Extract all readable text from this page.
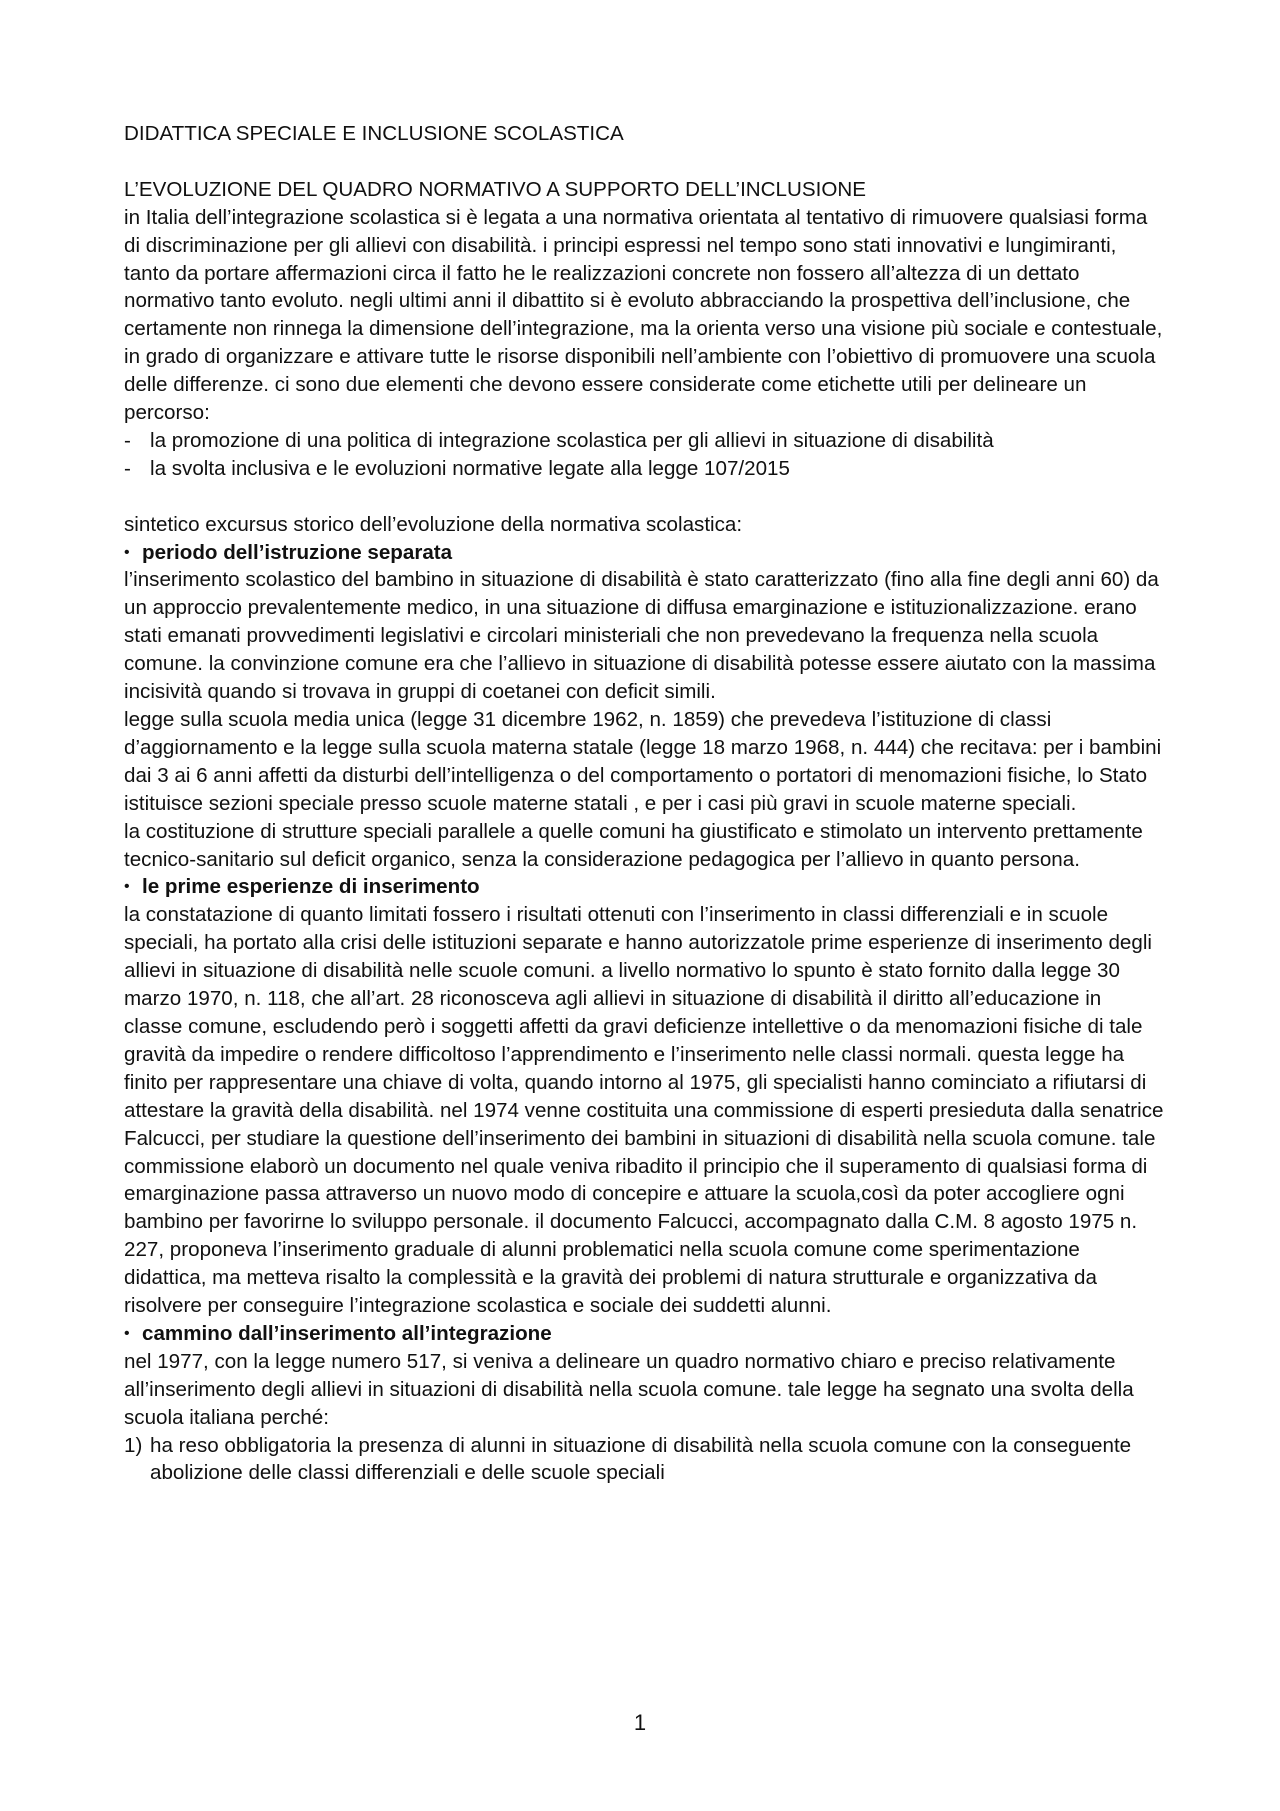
DIDATTICA SPECIALE E INCLUSIONE SCOLASTICA
L’EVOLUZIONE DEL QUADRO NORMATIVO A SUPPORTO DELL’INCLUSIONE

in Italia dell’integrazione scolastica si è legata a una normativa orientata al tentativo di rimuovere qualsiasi forma di discriminazione per gli allievi con disabilità. i principi espressi nel tempo sono stati innovativi e lungimiranti, tanto da portare affermazioni circa il fatto he le realizzazioni concrete non fossero all’altezza di un dettato normativo tanto evoluto. negli ultimi anni il dibattito si è evoluto abbracciando la prospettiva dell’inclusione, che certamente non rinnega la dimensione dell’integrazione, ma la orienta verso una visione più sociale e contestuale, in grado di organizzare e attivare tutte le risorse disponibili nell’ambiente con l’obiettivo di promuovere una scuola delle differenze. ci sono due elementi che devono essere considerate come etichette utili per delineare un percorso:

- la promozione di una politica di integrazione scolastica per gli allievi in situazione di disabilità
- la svolta inclusiva e le evoluzioni normative legate alla legge 107/2015

sintetico excursus storico dell’evoluzione della normativa scolastica:

• periodo dell’istruzione separata

l’inserimento scolastico del bambino in situazione di disabilità è stato caratterizzato (fino alla fine degli anni 60) da un approccio prevalentemente medico, in una situazione di diffusa emarginazione e istituzionalizzazione. erano stati emanati provvedimenti legislativi e circolari ministeriali che non prevedevano la frequenza nella scuola comune. la convinzione comune era che l’allievo in situazione di disabilità potesse essere aiutato con la massima incisività quando si trovava in gruppi di coetanei con deficit simili.

legge sulla scuola media unica (legge 31 dicembre 1962, n. 1859) che prevedeva l’istituzione di classi d’aggiornamento e la legge sulla scuola materna statale (legge 18 marzo 1968, n. 444) che recitava: per i bambini dai 3 ai 6 anni affetti da disturbi dell’intelligenza o del comportamento o portatori di menomazioni fisiche, lo Stato istituisce sezioni speciale presso scuole materne statali , e per i casi più gravi in scuole materne speciali.

la costituzione di strutture speciali parallele a quelle comuni ha giustificato e stimolato un intervento prettamente tecnico-sanitario sul deficit organico, senza la considerazione pedagogica per l’allievo in quanto persona.

• le prime esperienze di inserimento

la constatazione di quanto limitati fossero i risultati ottenuti con l’inserimento in classi differenziali e in scuole speciali, ha portato alla crisi delle istituzioni separate e hanno autorizzatole prime esperienze di inserimento degli allievi in situazione di disabilità nelle scuole comuni. a livello normativo lo spunto è stato fornito dalla legge 30 marzo 1970, n. 118, che all’art. 28 riconosceva agli allievi in situazione di disabilità il diritto all’educazione in classe comune, escludendo però i soggetti affetti da gravi deficienze intellettive o da menomazioni fisiche di tale gravità da impedire o rendere difficoltoso l’apprendimento e l’inserimento nelle classi normali. questa legge ha finito per rappresentare una chiave di volta, quando intorno al 1975, gli specialisti hanno cominciato a rifiutarsi di attestare la gravità della disabilità. nel 1974 venne costituita una commissione di esperti presieduta dalla senatrice Falcucci, per studiare la questione dell’inserimento dei bambini in situazioni di disabilità nella scuola comune. tale commissione elaborò un documento nel quale veniva ribadito il principio che il superamento di qualsiasi forma di emarginazione passa attraverso un nuovo modo di concepire e attuare la scuola,così da poter accogliere ogni bambino per favorirne lo sviluppo personale. il documento Falcucci, accompagnato dalla C.M. 8 agosto 1975 n. 227, proponeva l’inserimento graduale di alunni problematici nella scuola comune come sperimentazione didattica, ma metteva risalto la complessità e la gravità dei problemi di natura strutturale e organizzativa da risolvere per conseguire l’integrazione scolastica e sociale dei suddetti alunni.

• cammino dall’inserimento all’integrazione

nel 1977, con la legge numero 517, si veniva a delineare un quadro normativo chiaro e preciso relativamente all’inserimento degli allievi in situazioni di disabilità nella scuola comune. tale legge ha segnato una svolta della scuola italiana perché:

1) ha reso obbligatoria la presenza di alunni in situazione di disabilità nella scuola comune con la conseguente abolizione delle classi differenziali e delle scuole speciali
1
